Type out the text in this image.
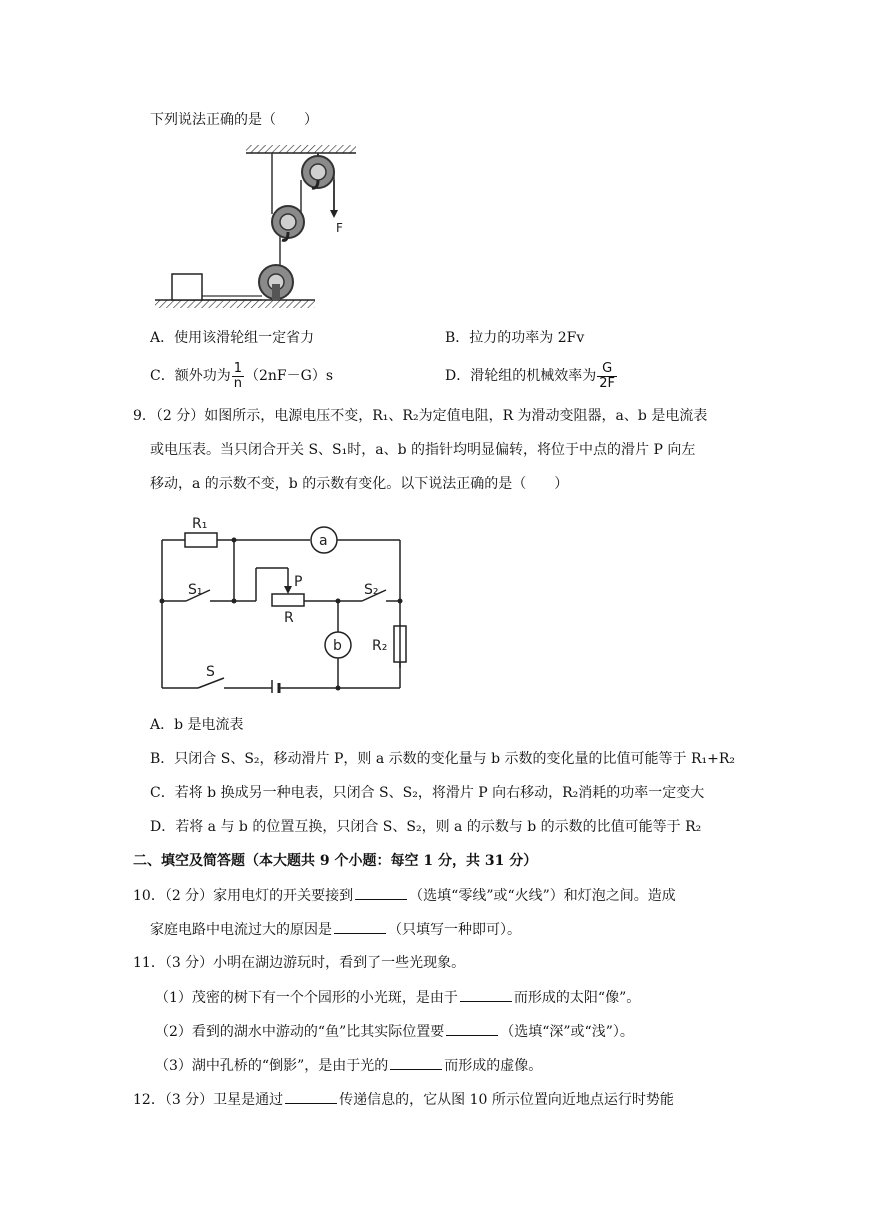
下列说法正确的是（　　）
F
A．使用该滑轮组一定省力	B．拉力的功率为 2Fv
C．额外功为 $\frac{1}{n} (2nF-G)s$	D．滑轮组的机械效率为 $\frac{G}{2F}$
9．（2 分）如图所示，电源电压不变，R₁、R₂为定值电阻，R 为滑动变阻器，a、b 是电流表
或电压表。当只闭合开关 S、S₁时，a、b 的指针均明显偏转，将位于中点的滑片 P 向左
移动，a 的示数不变，b 的示数有变化。以下说法正确的是（　　）
R₁
a
S₁	P
R
S₂
b R₂
S
A．b 是电流表
B．只闭合 S、S₂，移动滑片 P，则 a 示数的变化量与 b 示数的变化量的比值可能等于 R₁+R₂
C．若将 b 换成另一种电表，只闭合 S、S₂，将滑片 P 向右移动，R₂消耗的功率一定变大
D．若将 a 与 b 的位置互换，只闭合 S、S₂，则 a 的示数与 b 的示数的比值可能等于 R₂
二、填空及简答题（本大题共 9 个小题：每空 1 分，共 31 分）
10．（2 分）家用电灯的开关要接到	（选填“零线”或“火线”）和灯泡之间。造成
家庭电路中电流过大的原因是	（只填写一种即可）。
11．（3 分）小明在湖边游玩时，看到了一些光现象。
（1）茂密的树下有一个个园形的小光斑，是由于	而形成的太阳“像”。
（2）看到的湖水中游动的“鱼”比其实际位置要	（选填“深”或“浅”）。
（3）湖中孔桥的“倒影”，是由于光的	而形成的虚像。
12．（3 分）卫星是通过	传递信息的，它从图 10 所示位置向近地点运行时势能
